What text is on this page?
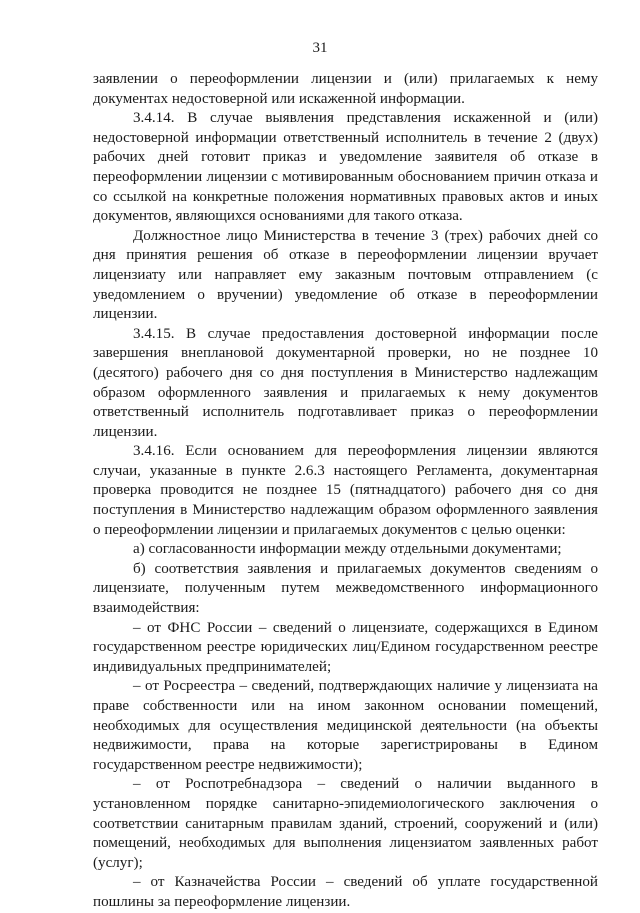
31

заявлении о переоформлении лицензии и (или) прилагаемых к нему документах недостоверной или искаженной информации.

3.4.14. В случае выявления представления искаженной и (или) недостоверной информации ответственный исполнитель в течение 2 (двух) рабочих дней готовит приказ и уведомление заявителя об отказе в переоформлении лицензии с мотивированным обоснованием причин отказа и со ссылкой на конкретные положения нормативных правовых актов и иных документов, являющихся основаниями для такого отказа.

Должностное лицо Министерства в течение 3 (трех) рабочих дней со дня принятия решения об отказе в переоформлении лицензии вручает лицензиату или направляет ему заказным почтовым отправлением (с уведомлением о вручении) уведомление об отказе в переоформлении лицензии.

3.4.15. В случае предоставления достоверной информации после завершения внеплановой документарной проверки, но не позднее 10 (десятого) рабочего дня со дня поступления в Министерство надлежащим образом оформленного заявления и прилагаемых к нему документов ответственный исполнитель подготавливает приказ о переоформлении лицензии.

3.4.16. Если основанием для переоформления лицензии являются случаи, указанные в пункте 2.6.3 настоящего Регламента, документарная проверка проводится не позднее 15 (пятнадцатого) рабочего дня со дня поступления в Министерство надлежащим образом оформленного заявления о переоформлении лицензии и прилагаемых документов с целью оценки:

а) согласованности информации между отдельными документами;

б) соответствия заявления и прилагаемых документов сведениям о лицензиате, полученным путем межведомственного информационного взаимодействия:

– от ФНС России – сведений о лицензиате, содержащихся в Едином государственном реестре юридических лиц/Едином государственном реестре индивидуальных предпринимателей;

– от Росреестра – сведений, подтверждающих наличие у лицензиата на праве собственности или на ином законном основании помещений, необходимых для осуществления медицинской деятельности (на объекты недвижимости, права на которые зарегистрированы в Едином государственном реестре недвижимости);

– от Роспотребнадзора – сведений о наличии выданного в установленном порядке санитарно-эпидемиологического заключения о соответствии санитарным правилам зданий, строений, сооружений и (или) помещений, необходимых для выполнения лицензиатом заявленных работ (услуг);

– от Казначейства России – сведений об уплате государственной пошлины за переоформление лицензии.
